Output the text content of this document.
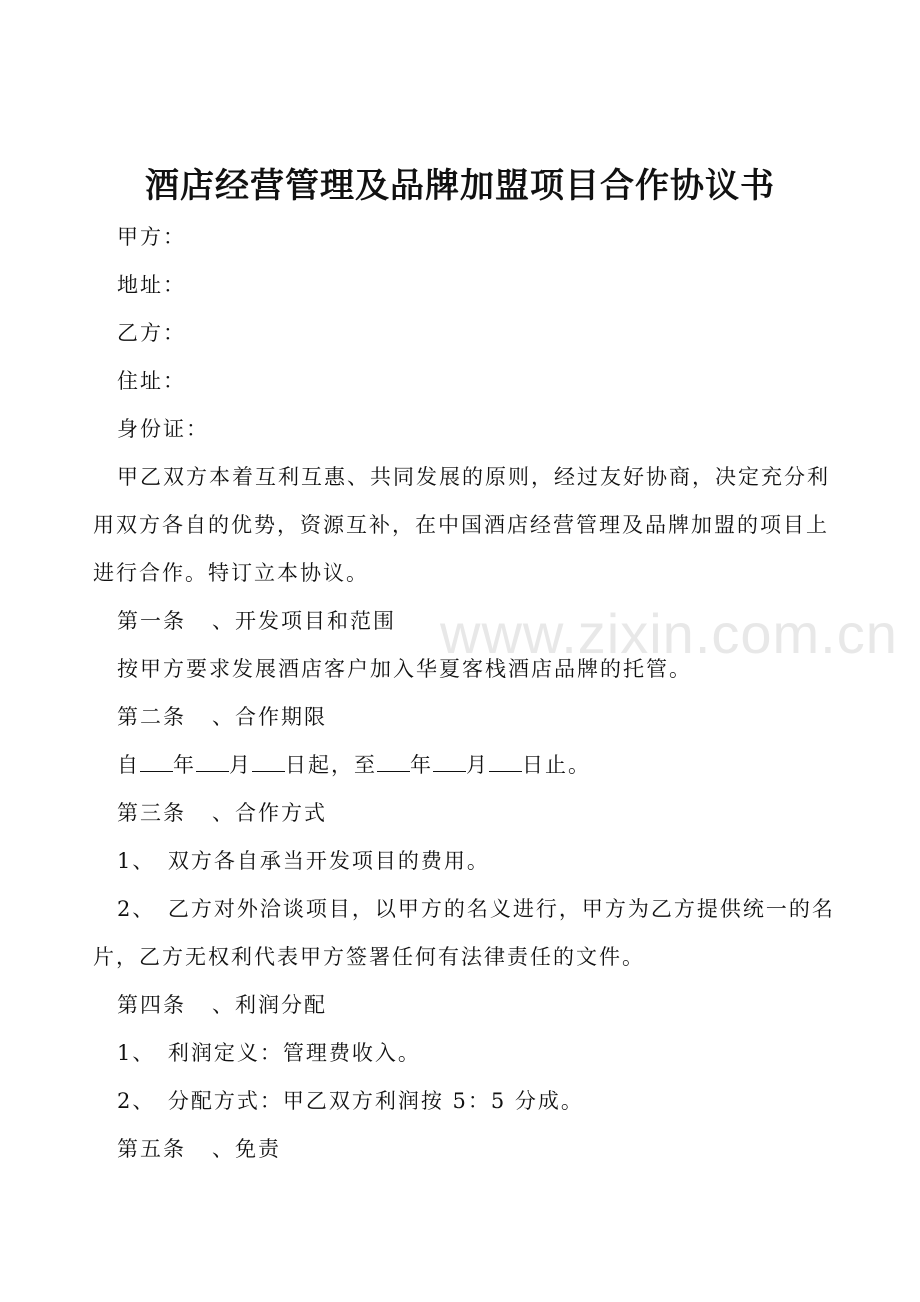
酒店经营管理及品牌加盟项目合作协议书
甲方：
地址：
乙方：
住址：
身份证：
甲乙双方本着互利互惠、共同发展的原则，经过友好协商，决定充分利
用双方各自的优势，资源互补，在中国酒店经营管理及品牌加盟的项目上
进行合作。特订立本协议。
第一条 、开发项目和范围
按甲方要求发展酒店客户加入华夏客栈酒店品牌的托管。
第二条 、合作期限
自 年 月 日起，至 年 月 日止。
第三条 、合作方式
1、　双方各自承当开发项目的费用。
2、　乙方对外洽谈项目，以甲方的名义进行，甲方为乙方提供统一的名
片，乙方无权利代表甲方签署任何有法律责任的文件。
第四条 、利润分配
1、　利润定义：管理费收入。
2、　分配方式：甲乙双方利润按 5：5 分成。
第五条 、免责
www.zixin.com.cn
